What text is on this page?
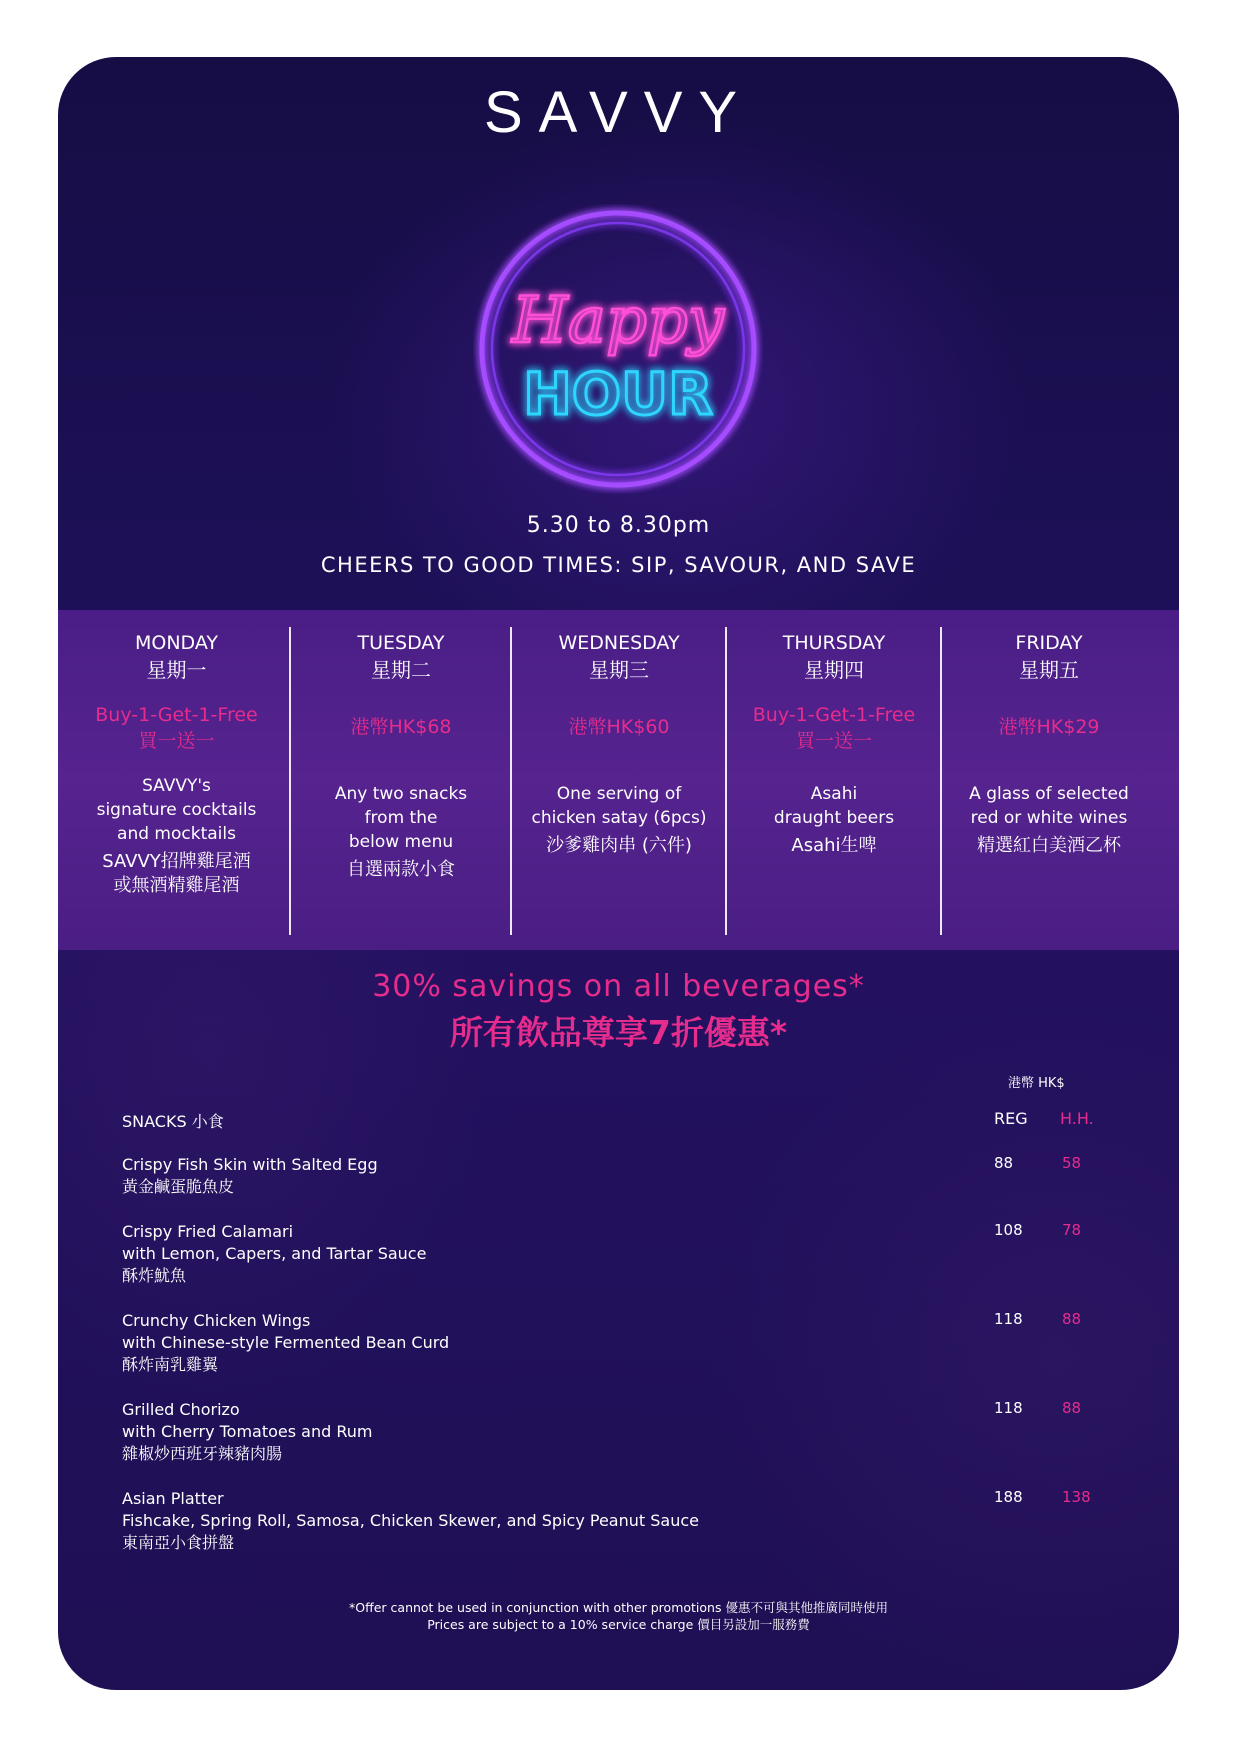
SAVVY
Happy
HOUR
5.30 to 8.30pm
CHEERS TO GOOD TIMES: SIP, SAVOUR, AND SAVE
MONDAY
星期一
Buy-1-Get-1-Free
買一送一
SAVVY's
signature cocktails
and mocktails
SAVVY招牌雞尾酒
或無酒精雞尾酒
TUESDAY
星期二
港幣HK$68
Any two snacks
from the
below menu
自選兩款小食
WEDNESDAY
星期三
港幣HK$60
One serving of
chicken satay (6pcs)
沙爹雞肉串 (六件)
THURSDAY
星期四
Buy-1-Get-1-Free
買一送一
Asahi
draught beers
Asahi生啤
FRIDAY
星期五
港幣HK$29
A glass of selected
red or white wines
精選紅白美酒乙杯
30% savings on all beverages*
所有飲品尊享7折優惠*
港幣 HK$
SNACKS 小食	REG H.H.
Crispy Fish Skin with Salted Egg
黃金鹹蛋脆魚皮
88	58
Crispy Fried Calamari
with Lemon, Capers, and Tartar Sauce
酥炸魷魚
108	78
Crunchy Chicken Wings
with Chinese-style Fermented Bean Curd
酥炸南乳雞翼
118	88
Grilled Chorizo
with Cherry Tomatoes and Rum
雜椒炒西班牙辣豬肉腸
118	88
Asian Platter
Fishcake, Spring Roll, Samosa, Chicken Skewer, and Spicy Peanut Sauce
東南亞小食拼盤
188	138
*Offer cannot be used in conjunction with other promotions 優惠不可與其他推廣同時使用
Prices are subject to a 10% service charge 價目另設加一服務費
